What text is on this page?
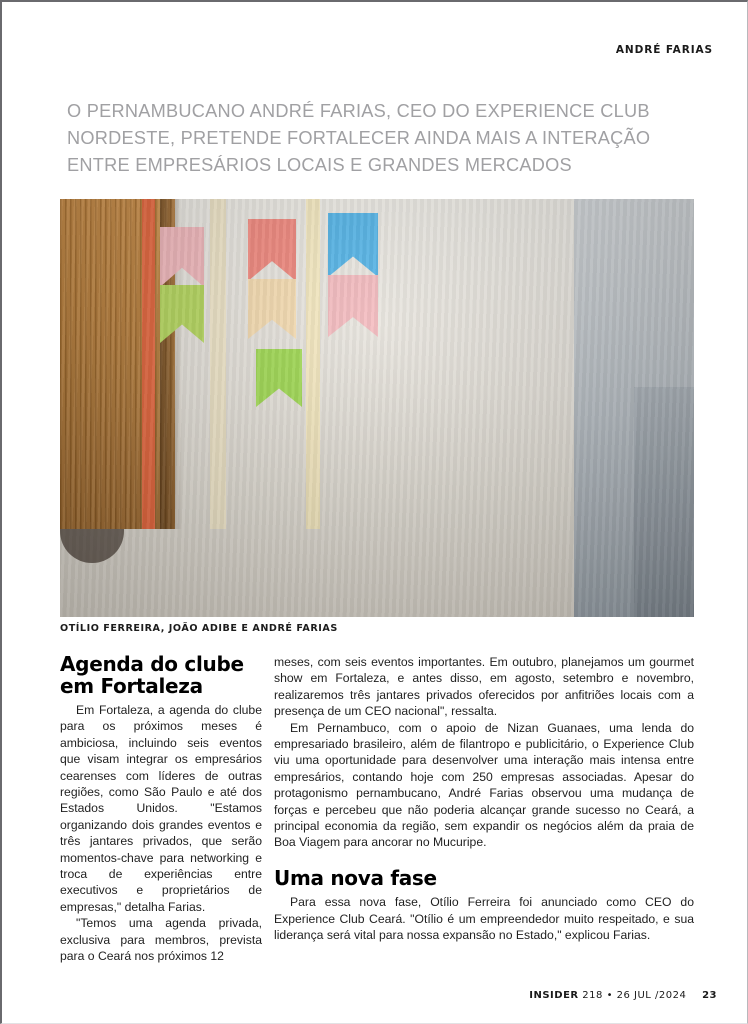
ANDRÉ FARIAS
O PERNAMBUCANO ANDRÉ FARIAS, CEO DO EXPERIENCE CLUB
NORDESTE, PRETENDE FORTALECER AINDA MAIS A INTERAÇÃO
ENTRE EMPRESÁRIOS LOCAIS E GRANDES MERCADOS
OTÍLIO FERREIRA, JOÃO ADIBE E ANDRÉ FARIAS
Agenda do clube em Fortaleza

Em Fortaleza, a agenda do clube para os próximos meses é ambiciosa, incluindo seis eventos que visam integrar os empresários cearenses com líderes de outras regiões, como São Paulo e até dos Estados Unidos. "Estamos organizando dois grandes eventos e três jantares privados, que serão momentos-chave para networking e troca de experiências entre executivos e proprietários de empresas," detalha Farias.

"Temos uma agenda privada, exclusiva para membros, prevista para o Ceará nos próximos 12

meses, com seis eventos importantes. Em outubro, planejamos um gourmet show em Fortaleza, e antes disso, em agosto, setembro e novembro, realizaremos três jantares privados oferecidos por anfitriões locais com a presença de um CEO nacional", ressalta.

Em Pernambuco, com o apoio de Nizan Guanaes, uma lenda do empresariado brasileiro, além de filantropo e publicitário, o Experience Club viu uma oportunidade para desenvolver uma interação mais intensa entre empresários, contando hoje com 250 empresas associadas. Apesar do protagonismo pernambucano, André Farias observou uma mudança de forças e percebeu que não poderia alcançar grande sucesso no Ceará, a principal economia da região, sem expandir os negócios além da praia de Boa Viagem para ancorar no Mucuripe.

Uma nova fase

Para essa nova fase, Otílio Ferreira foi anunciado como CEO do Experience Club Ceará. "Otílio é um empreendedor muito respeitado, e sua liderança será vital para nossa expansão no Estado," explicou Farias.

INSIDER 218 • 26 JUL /2024 23
